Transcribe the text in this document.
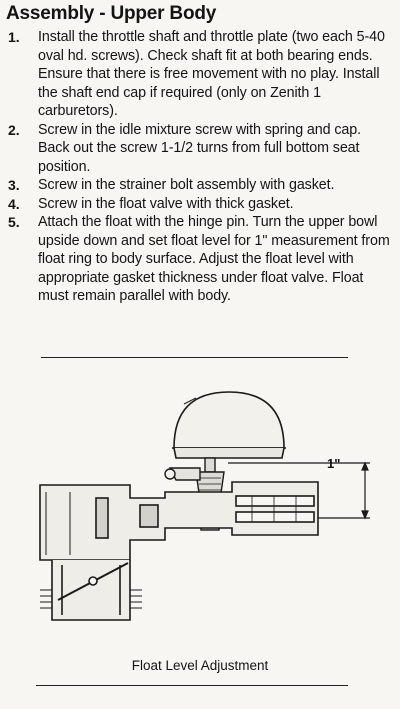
Assembly - Upper Body
1.	Install the throttle shaft and throttle plate (two each 5-40 oval hd. screws). Check shaft fit at both bearing ends. Ensure that there is free movement with no play. Install the shaft end cap if required (only on Zenith 1 carburetors).
2.	Screw in the idle mixture screw with spring and cap. Back out the screw 1-1/2 turns from full bottom seat position.
3.	Screw in the strainer bolt assembly with gasket.
4.	Screw in the float valve with thick gasket.
5.	Attach the float with the hinge pin. Turn the upper bowl upside down and set float level for 1" measurement from float ring to body surface. Adjust the float level with appropriate gasket thickness under float valve. Float must remain parallel with body.
1"

Float Level Adjustment
